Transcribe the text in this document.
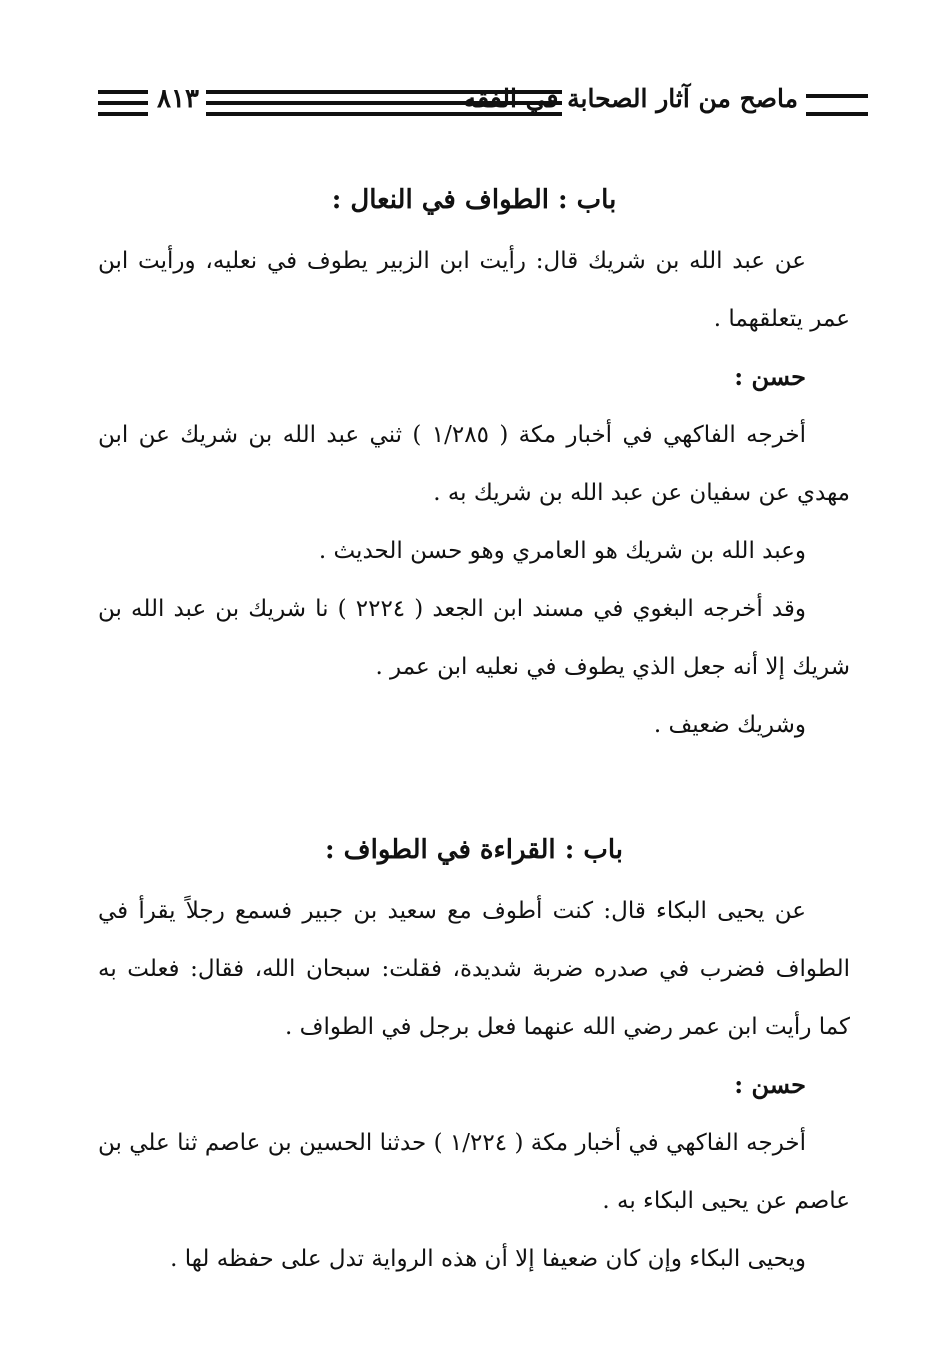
٨١٣	ماصح من آثار الصحابة في الفقه
باب : الطواف في النعال :

عن عبد الله بن شريك قال: رأيت ابن الزبير يطوف في نعليه، ورأيت ابن عمر يتعلقهما .

حسن :

أخرجه الفاكهي في أخبار مكة ( ١/٢٨٥ ) ثني عبد الله بن شريك عن ابن مهدي عن سفيان عن عبد الله بن شريك به .

وعبد الله بن شريك هو العامري وهو حسن الحديث .

وقد أخرجه البغوي في مسند ابن الجعد ( ٢٢٢٤ ) نا شريك بن عبد الله بن شريك إلا أنه جعل الذي يطوف في نعليه ابن عمر .

وشريك ضعيف .

باب : القراءة في الطواف :

عن يحيى البكاء قال: كنت أطوف مع سعيد بن جبير فسمع رجلاً يقرأ في الطواف فضرب في صدره ضربة شديدة، فقلت: سبحان الله، فقال: فعلت به كما رأيت ابن عمر رضي الله عنهما فعل برجل في الطواف .

حسن :

أخرجه الفاكهي في أخبار مكة ( ١/٢٢٤ ) حدثنا الحسين بن عاصم ثنا علي بن عاصم عن يحيى البكاء به .

ويحيى البكاء وإن كان ضعيفا إلا أن هذه الرواية تدل على حفظه لها .
